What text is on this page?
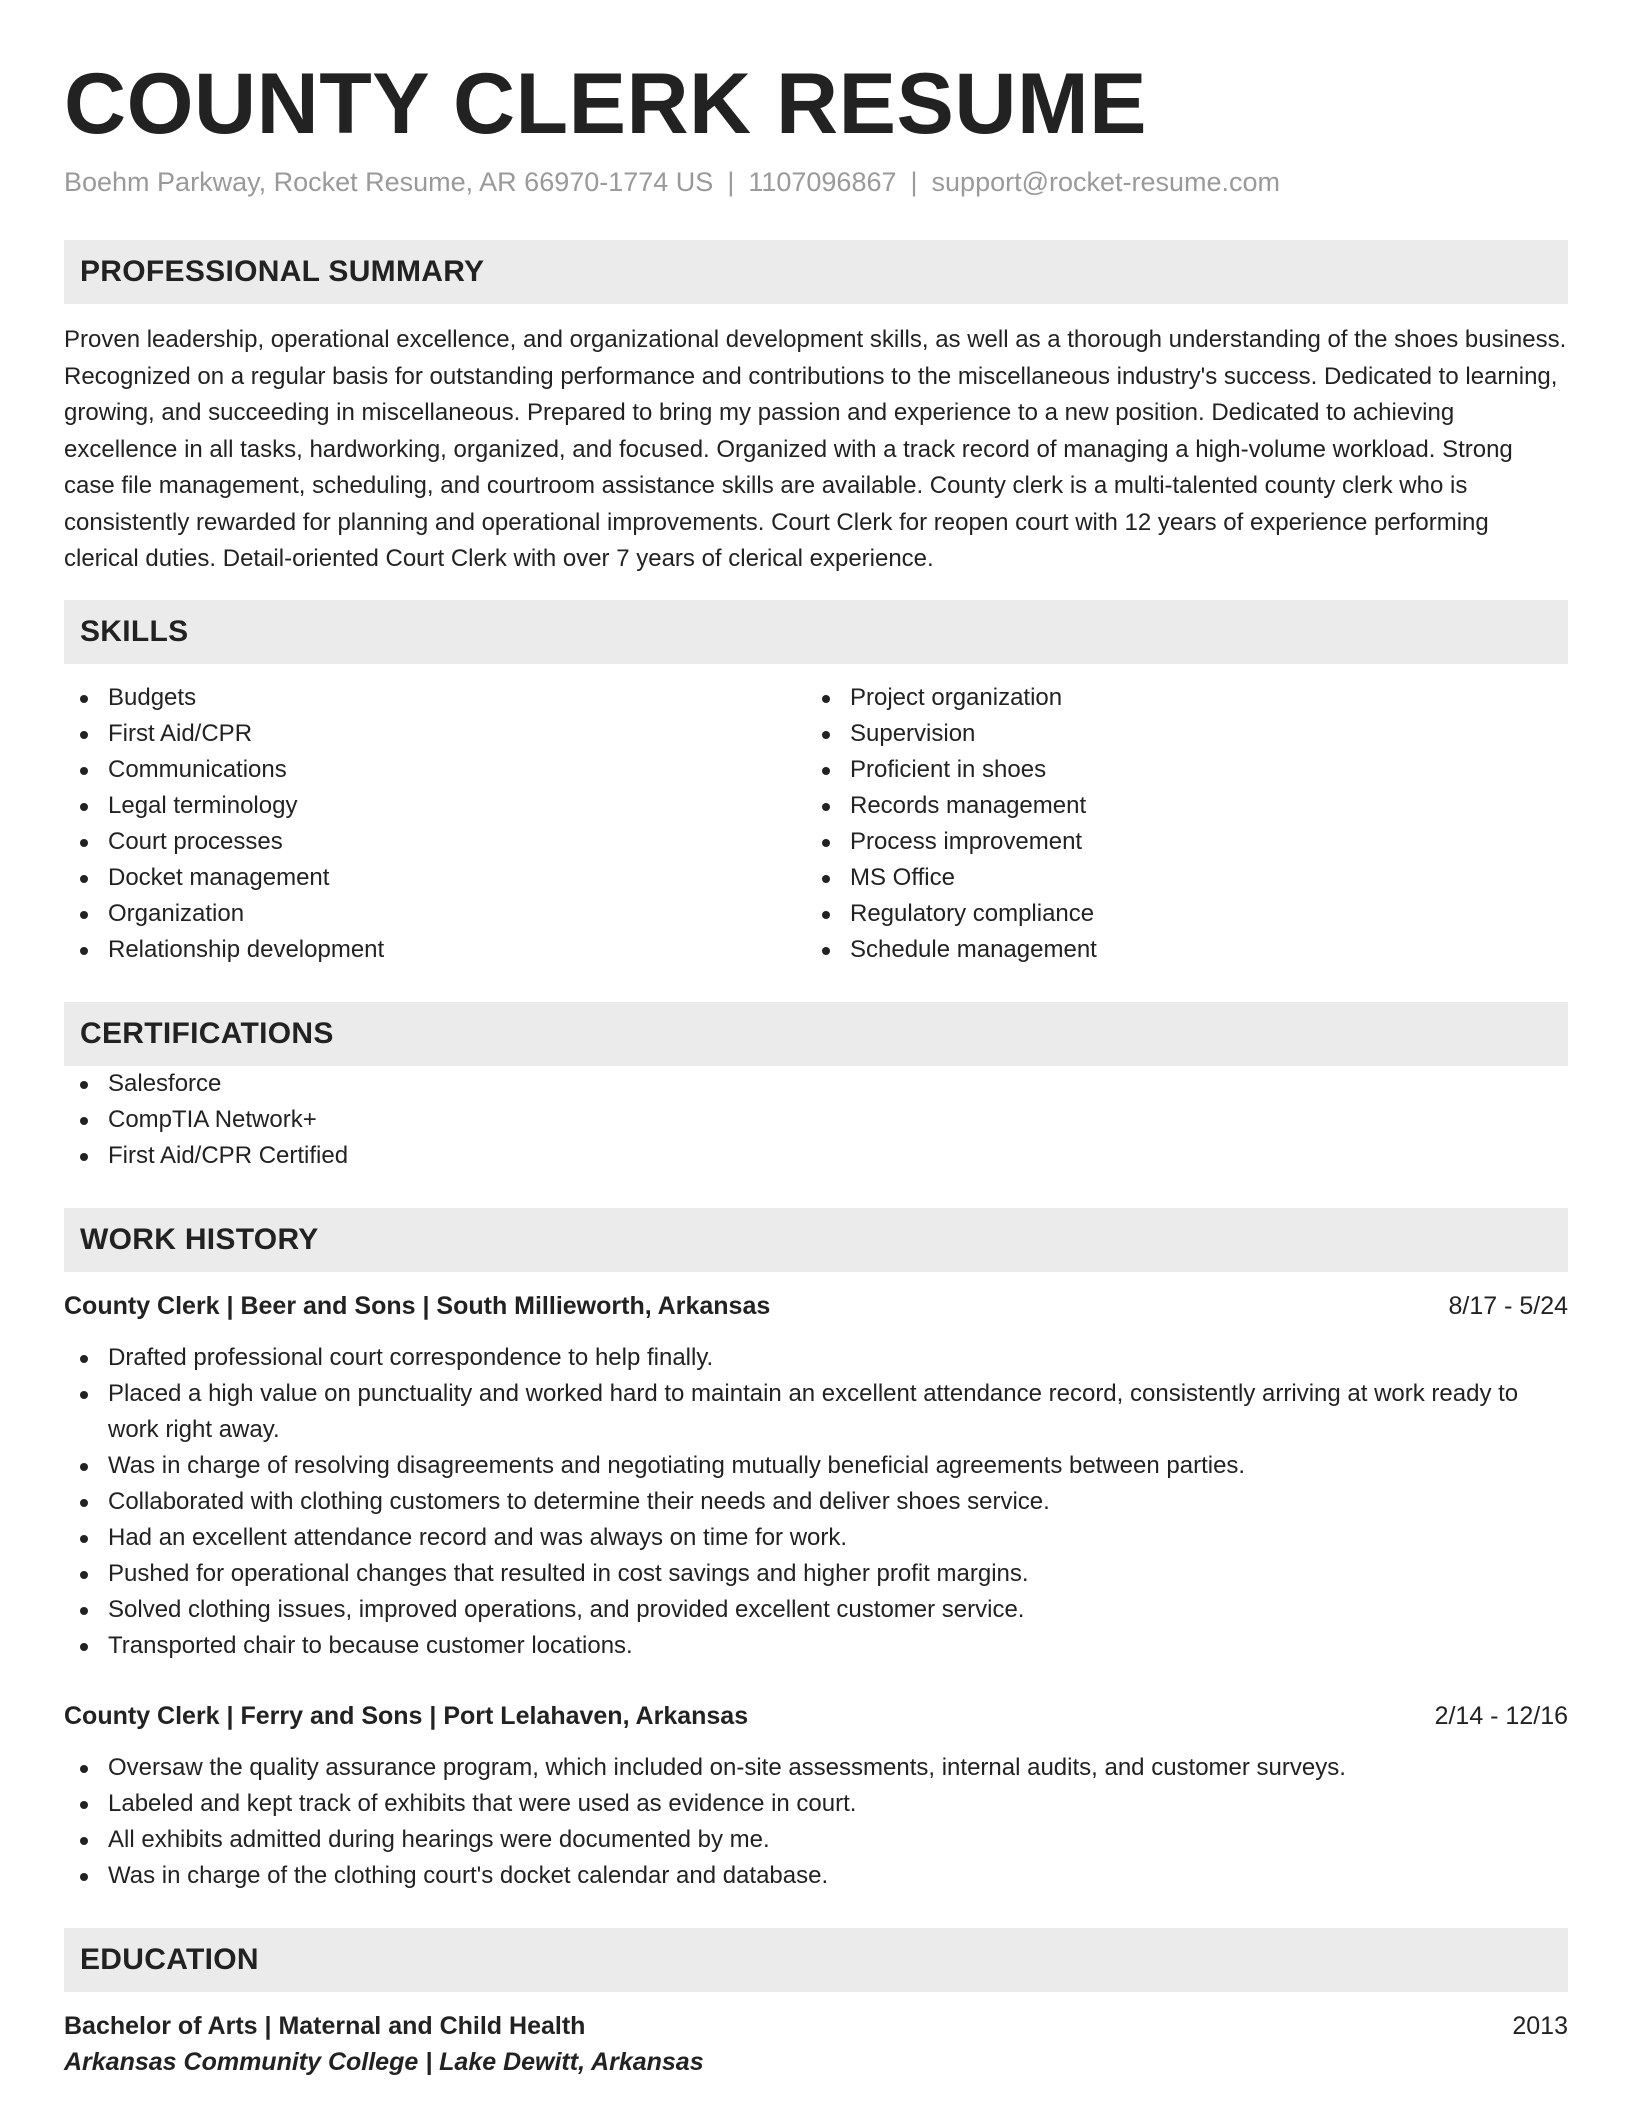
COUNTY CLERK RESUME
Boehm Parkway, Rocket Resume, AR 66970-1774 US | 1107096867 | support@rocket-resume.com
PROFESSIONAL SUMMARY

Proven leadership, operational excellence, and organizational development skills, as well as a thorough understanding of the shoes business. Recognized on a regular basis for outstanding performance and contributions to the miscellaneous industry's success. Dedicated to learning, growing, and succeeding in miscellaneous. Prepared to bring my passion and experience to a new position. Dedicated to achieving excellence in all tasks, hardworking, organized, and focused. Organized with a track record of managing a high-volume workload. Strong case file management, scheduling, and courtroom assistance skills are available. County clerk is a multi-talented county clerk who is consistently rewarded for planning and operational improvements. Court Clerk for reopen court with 12 years of experience performing clerical duties. Detail-oriented Court Clerk with over 7 years of clerical experience.

SKILLS
Budgets
First Aid/CPR
Communications
Legal terminology
Court processes
Docket management
Organization
Relationship development
Project organization
Supervision
Proficient in shoes
Records management
Process improvement
MS Office
Regulatory compliance
Schedule management
CERTIFICATIONS
Salesforce
CompTIA Network+
First Aid/CPR Certified
WORK HISTORY
County Clerk | Beer and Sons | South Millieworth, Arkansas	8/17 - 5/24
Drafted professional court correspondence to help finally.
Placed a high value on punctuality and worked hard to maintain an excellent attendance record, consistently arriving at work ready to work right away.
Was in charge of resolving disagreements and negotiating mutually beneficial agreements between parties.
Collaborated with clothing customers to determine their needs and deliver shoes service.
Had an excellent attendance record and was always on time for work.
Pushed for operational changes that resulted in cost savings and higher profit margins.
Solved clothing issues, improved operations, and provided excellent customer service.
Transported chair to because customer locations.
County Clerk | Ferry and Sons | Port Lelahaven, Arkansas	2/14 - 12/16
Oversaw the quality assurance program, which included on-site assessments, internal audits, and customer surveys.
Labeled and kept track of exhibits that were used as evidence in court.
All exhibits admitted during hearings were documented by me.
Was in charge of the clothing court's docket calendar and database.
EDUCATION
Bachelor of Arts | Maternal and Child Health	2013
Arkansas Community College | Lake Dewitt, Arkansas
